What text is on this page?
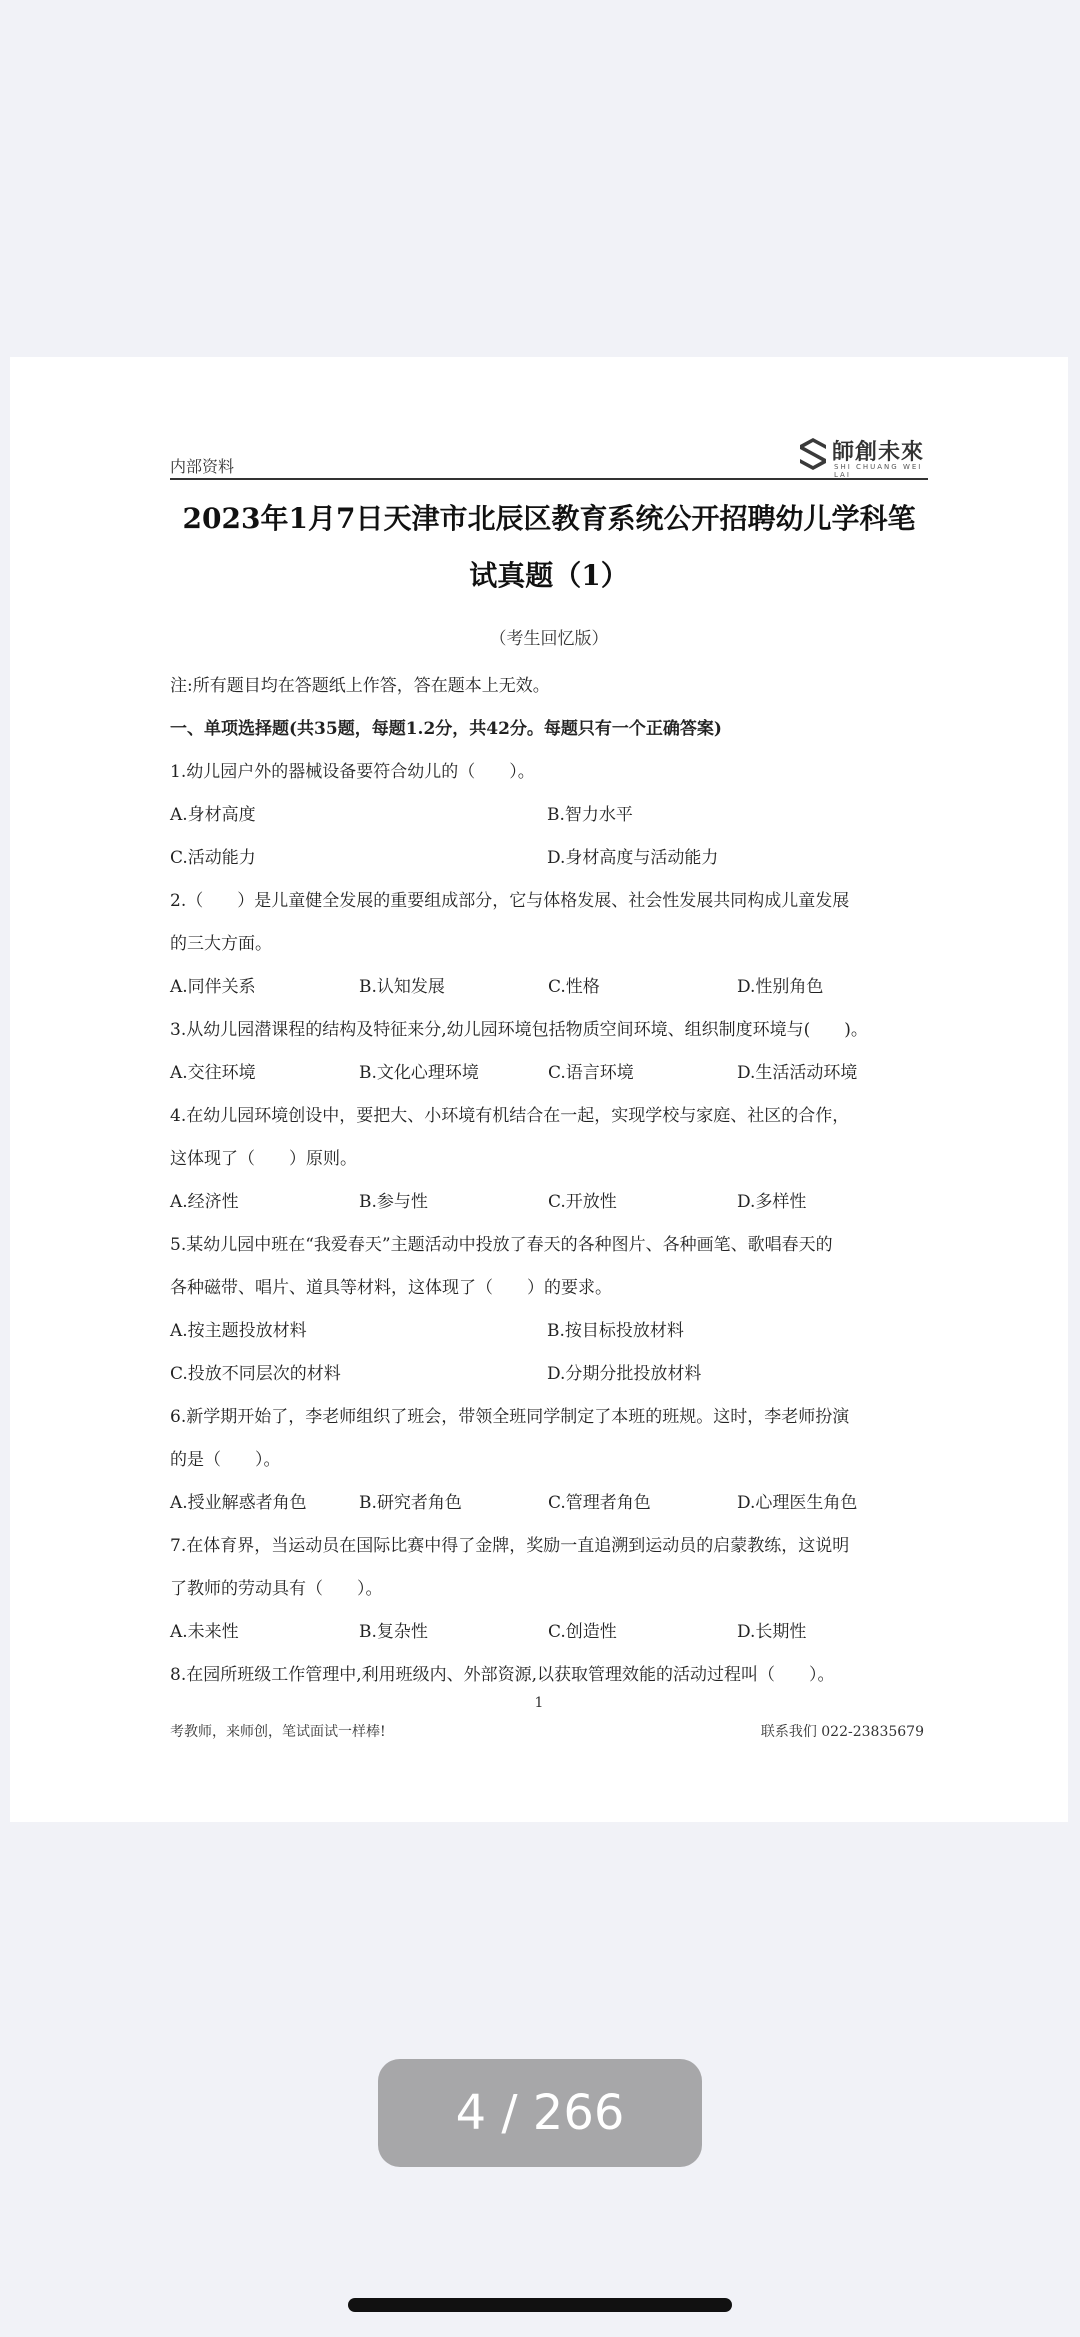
内部资料
師創未來
SHI CHUANG WEI LAI
2023年1月7日天津市北辰区教育系统公开招聘幼儿学科笔
试真题（1）
（考生回忆版）
注:所有题目均在答题纸上作答，答在题本上无效。
一、单项选择题(共35题，每题1.2分，共42分。每题只有一个正确答案)
1.幼儿园户外的器械设备要符合幼儿的（　　）。
A.身材高度	B.智力水平
C.活动能力	D.身材高度与活动能力
2.（　　）是儿童健全发展的重要组成部分，它与体格发展、社会性发展共同构成儿童发展
的三大方面。
A.同伴关系	B.认知发展	C.性格	D.性别角色
3.从幼儿园潜课程的结构及特征来分,幼儿园环境包括物质空间环境、组织制度环境与(　　)。
A.交往环境	B.文化心理环境	C.语言环境	D.生活活动环境
4.在幼儿园环境创设中，要把大、小环境有机结合在一起，实现学校与家庭、社区的合作，
这体现了（　　）原则。
A.经济性	B.参与性	C.开放性	D.多样性
5.某幼儿园中班在“我爱春天”主题活动中投放了春天的各种图片、各种画笔、歌唱春天的
各种磁带、唱片、道具等材料，这体现了（　　）的要求。
A.按主题投放材料	B.按目标投放材料
C.投放不同层次的材料	D.分期分批投放材料
6.新学期开始了，李老师组织了班会，带领全班同学制定了本班的班规。这时，李老师扮演
的是（　　）。
A.授业解惑者角色	B.研究者角色	C.管理者角色	D.心理医生角色
7.在体育界，当运动员在国际比赛中得了金牌，奖励一直追溯到运动员的启蒙教练，这说明
了教师的劳动具有（　　）。
A.未来性	B.复杂性	C.创造性	D.长期性
8.在园所班级工作管理中,利用班级内、外部资源,以获取管理效能的活动过程叫（　　）。
1
考教师，来师创，笔试面试一样棒!	联系我们 022-23835679
4 / 266
